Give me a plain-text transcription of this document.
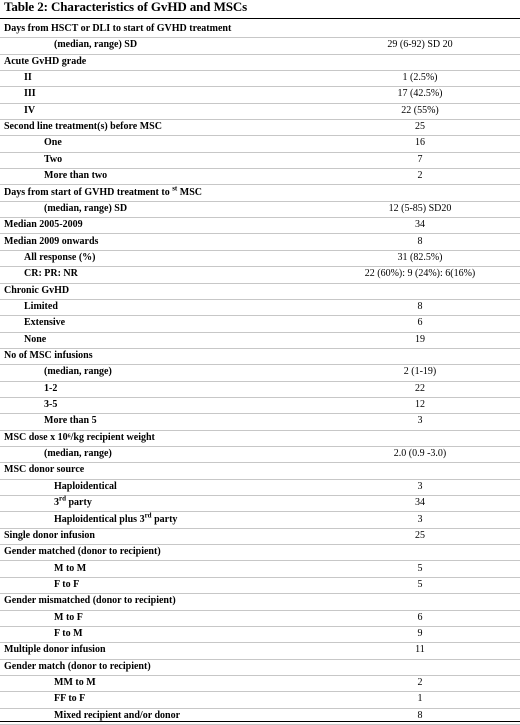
Table 2: Characteristics of GvHD and MSCs
Days from HSCT or DLI to start of GVHD treatment
(median, range) SD	29 (6-92) SD 20
Acute GvHD grade
II	1 (2.5%)
III	17 (42.5%)
IV	22 (55%)
Second line treatment(s) before MSC	25
One	16
Two	7
More than two	2
Days from start of GVHD treatment to $^{st}$ MSC
(median, range) SD	12 (5-85) SD20
Median 2005-2009	34
Median 2009 onwards	8
All response (%)	31 (82.5%)
CR: PR: NR	22 (60%): 9 (24%): 6(16%)
Chronic GvHD
Limited	8
Extensive	6
None	19
No of MSC infusions
(median, range)	2 (1-19)
1-2	22
3-5	12
More than 5	3
MSC dose x 10⁶/kg recipient weight
(median, range)	2.0 (0.9 -3.0)
MSC donor source
Haploidentical	3
3rd party	34
Haploidentical plus 3rd party	3
Single donor infusion	25
Gender matched (donor to recipient)
M to M	5
F to F	5
Gender mismatched (donor to recipient)
M to F	6
F to M	9
Multiple donor infusion	11
Gender match (donor to recipient)
MM to M	2
FF to F	1
Mixed recipient and/or donor	8
